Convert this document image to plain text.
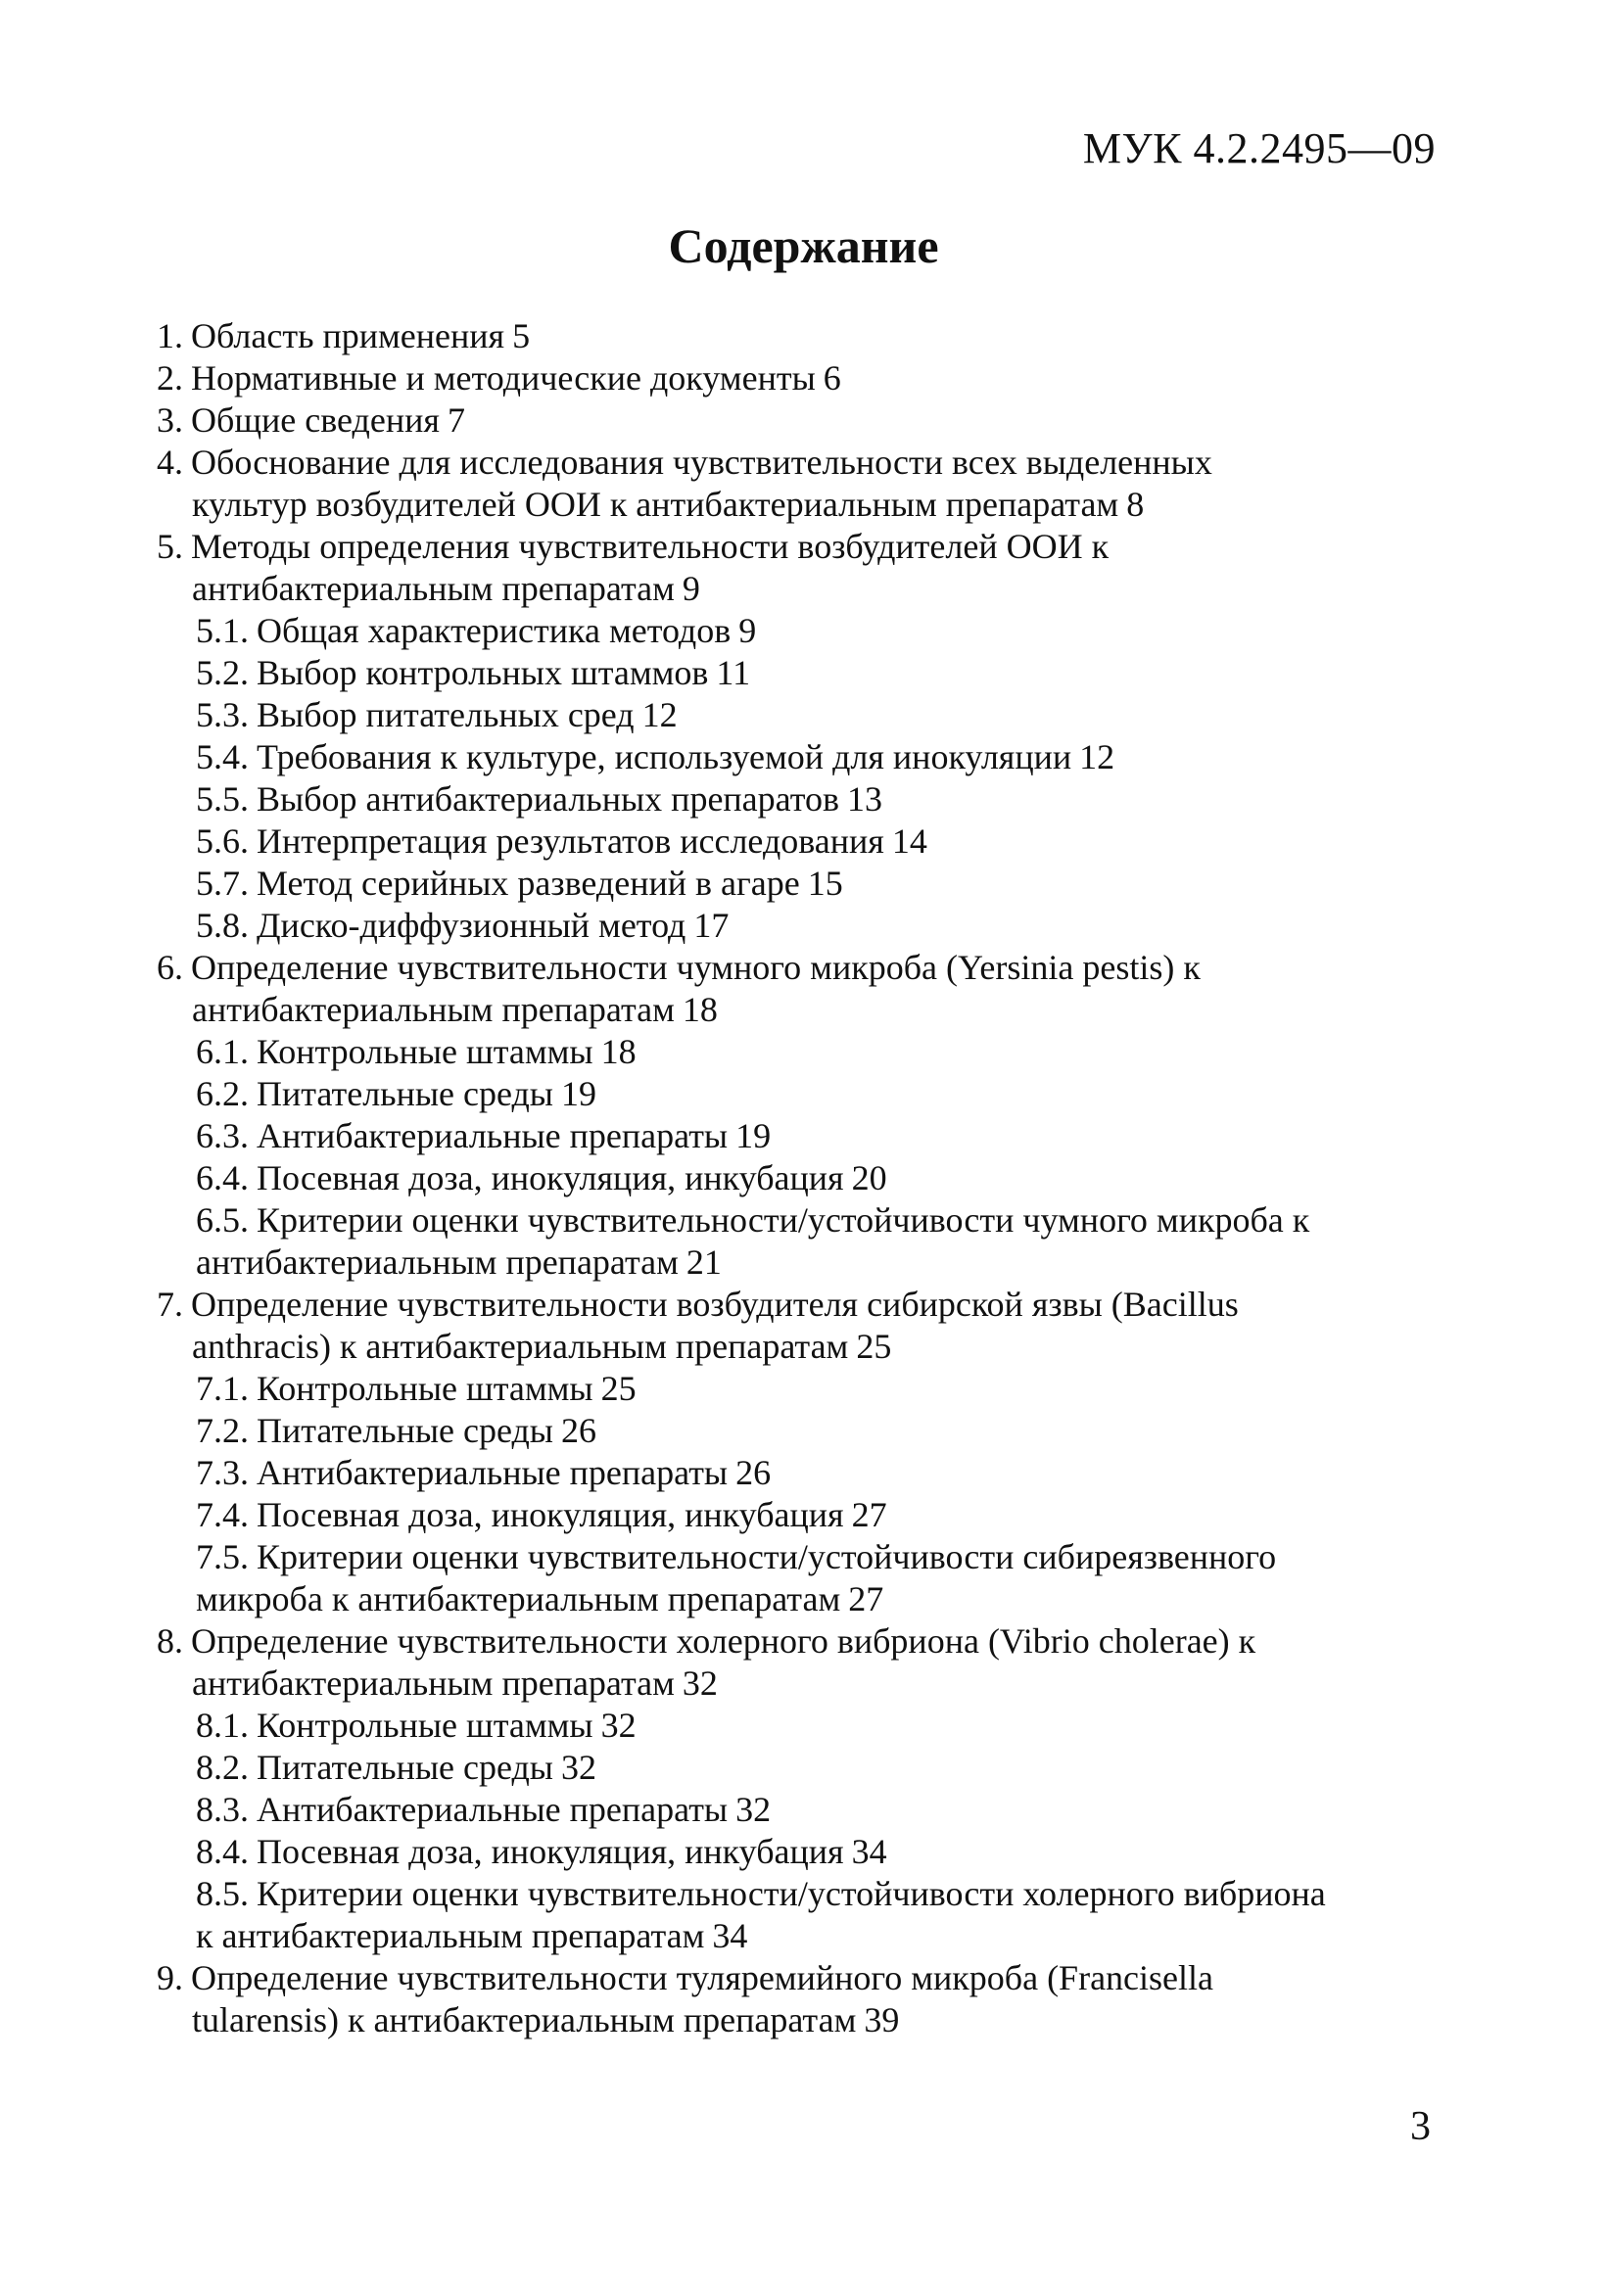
МУК 4.2.2495—09
Содержание
1. Область применения 5
2. Нормативные и методические документы 6
3. Общие сведения 7
4. Обоснование для исследования чувствительности всех выделенных
культур возбудителей ООИ к антибактериальным препаратам 8
5. Методы определения чувствительности возбудителей ООИ к
антибактериальным препаратам 9
5.1. Общая характеристика методов 9
5.2. Выбор контрольных штаммов 11
5.3. Выбор питательных сред 12
5.4. Требования к культуре, используемой для инокуляции 12
5.5. Выбор антибактериальных препаратов 13
5.6. Интерпретация результатов исследования 14
5.7. Метод серийных разведений в агаре 15
5.8. Диско-диффузионный метод 17
6. Определение чувствительности чумного микроба (Yersinia pestis) к
антибактериальным препаратам 18
6.1. Контрольные штаммы 18
6.2. Питательные среды 19
6.3. Антибактериальные препараты 19
6.4. Посевная доза, инокуляция, инкубация 20
6.5. Критерии оценки чувствительности/устойчивости чумного микроба к
антибактериальным препаратам 21
7. Определение чувствительности возбудителя сибирской язвы (Bacillus
anthracis) к антибактериальным препаратам 25
7.1. Контрольные штаммы 25
7.2. Питательные среды 26
7.3. Антибактериальные препараты 26
7.4. Посевная доза, инокуляция, инкубация 27
7.5. Критерии оценки чувствительности/устойчивости сибиреязвенного
микроба к антибактериальным препаратам 27
8. Определение чувствительности холерного вибриона (Vibrio cholerae) к
антибактериальным препаратам 32
8.1. Контрольные штаммы 32
8.2. Питательные среды 32
8.3. Антибактериальные препараты 32
8.4. Посевная доза, инокуляция, инкубация 34
8.5. Критерии оценки чувствительности/устойчивости холерного вибриона
к антибактериальным препаратам 34
9. Определение чувствительности туляремийного микроба (Francisella
tularensis) к антибактериальным препаратам 39
3
